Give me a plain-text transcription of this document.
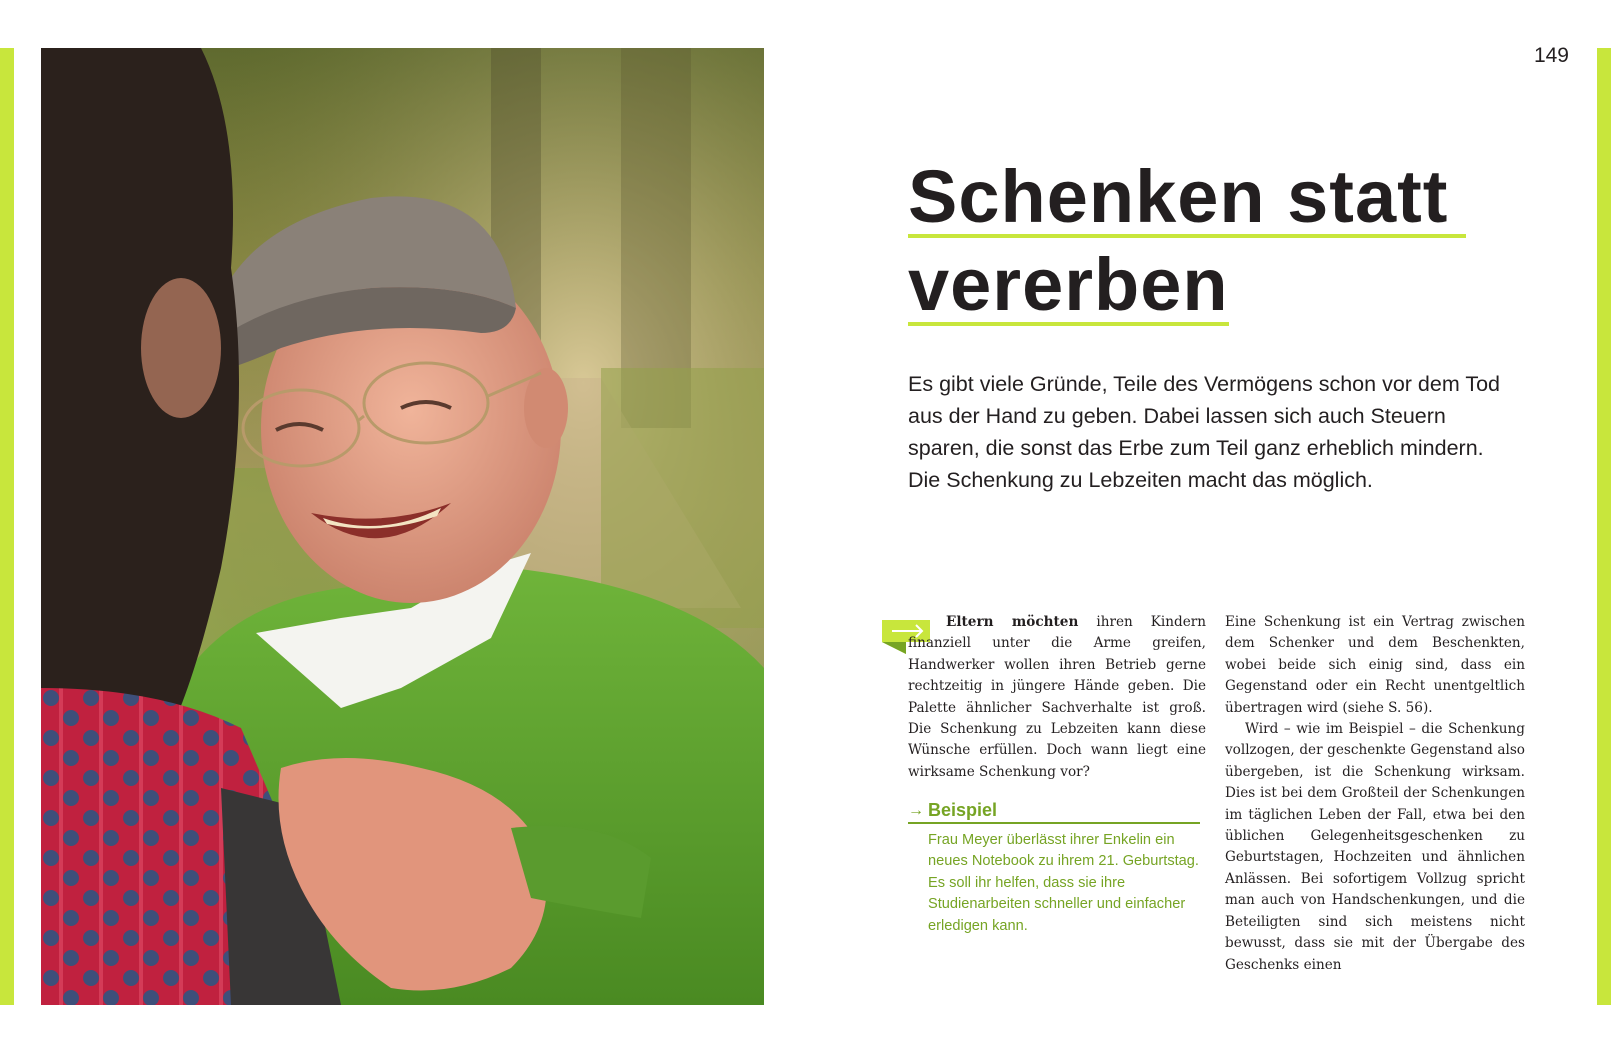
149
Schenken statt
vererben
Es gibt viele Gründe, Teile des Vermögens schon vor dem Tod aus der Hand zu geben. Dabei lassen sich auch Steuern sparen, die sonst das Erbe zum Teil ganz erheblich mindern. Die Schenkung zu Lebzeiten macht das möglich.

Eltern möchten ihren Kindern finanziell unter die Arme greifen, Handwerker wollen ihren Betrieb gerne rechtzeitig in jüngere Hände geben. Die Palette ähnlicher Sachverhalte ist groß. Die Schenkung zu Lebzeiten kann diese Wünsche erfüllen. Doch wann liegt eine wirksame Schenkung vor?

→ Beispiel
Frau Meyer überlässt ihrer Enkelin ein neues Notebook zu ihrem 21. Geburtstag. Es soll ihr helfen, dass sie ihre Studienarbeiten schneller und einfacher erledigen kann.

Eine Schenkung ist ein Vertrag zwischen dem Schenker und dem Beschenkten, wobei beide sich einig sind, dass ein Gegenstand oder ein Recht unentgeltlich übertragen wird (siehe S. 56).

Wird – wie im Beispiel – die Schenkung vollzogen, der geschenkte Gegenstand also übergeben, ist die Schenkung wirksam. Dies ist bei dem Großteil der Schenkungen im täglichen Leben der Fall, etwa bei den üblichen Gelegenheitsgeschenken zu Geburtstagen, Hochzeiten und ähnlichen Anlässen. Bei sofortigem Vollzug spricht man auch von Handschenkungen, und die Beteiligten sind sich meistens nicht bewusst, dass sie mit der Übergabe des Geschenks einen
